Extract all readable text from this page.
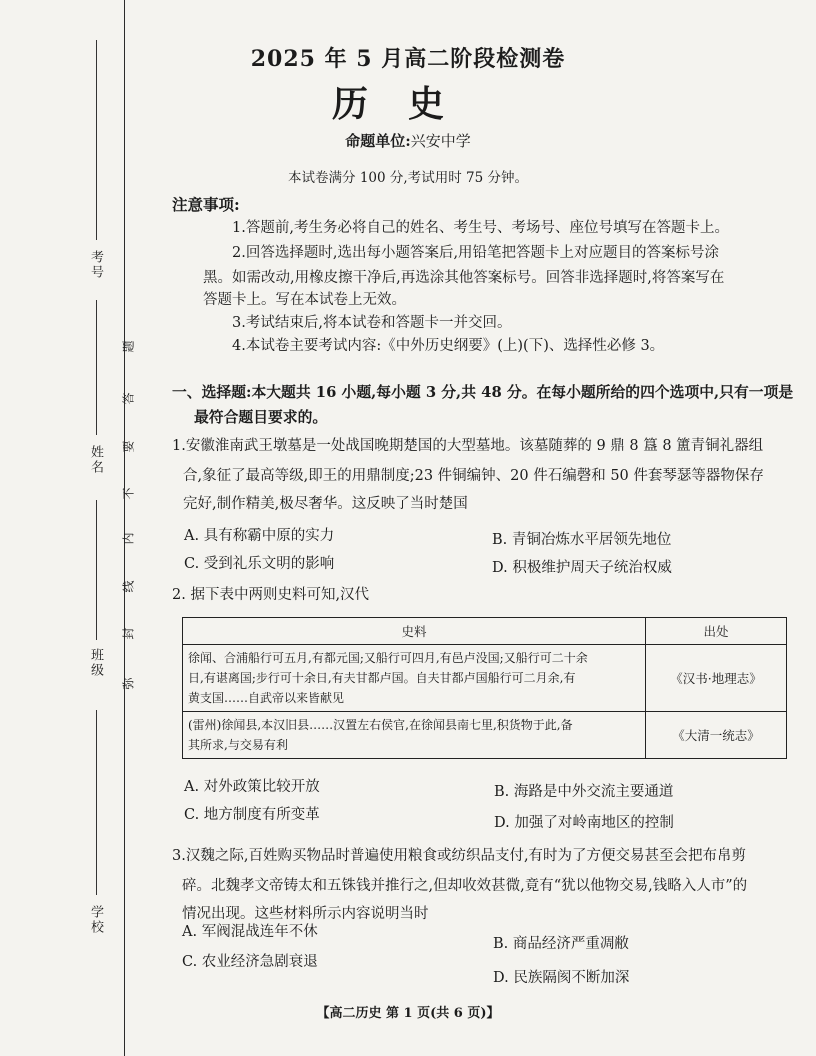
考号
姓名
班级
学校
弥
封
线
内
不
要
答
题
2025 年 5 月高二阶段检测卷
历史
命题单位:兴安中学
本试卷满分 100 分,考试用时 75 分钟。
注意事项:
1.答题前,考生务必将自己的姓名、考生号、考场号、座位号填写在答题卡上。
2.回答选择题时,选出每小题答案后,用铅笔把答题卡上对应题目的答案标号涂
黑。如需改动,用橡皮擦干净后,再选涂其他答案标号。回答非选择题时,将答案写在
答题卡上。写在本试卷上无效。
3.考试结束后,将本试卷和答题卡一并交回。
4.本试卷主要考试内容:《中外历史纲要》(上)(下)、选择性必修 3。
一、选择题:本大题共 16 小题,每小题 3 分,共 48 分。在每小题所给的四个选项中,只有一项是
最符合题目要求的。
1.安徽淮南武王墩墓是一处战国晚期楚国的大型墓地。该墓随葬的 9 鼎 8 簋 8 簠青铜礼器组
合,象征了最高等级,即王的用鼎制度;23 件铜编钟、20 件石编磬和 50 件套琴瑟等器物保存
完好,制作精美,极尽奢华。这反映了当时楚国
A. 具有称霸中原的实力	B. 青铜冶炼水平居领先地位
C. 受到礼乐文明的影响	D. 积极维护周天子统治权威
2. 据下表中两则史料可知,汉代
史料	出处

徐闻、合浦船行可五月,有都元国;又船行可四月,有邑卢没国;又船行可二十余
日,有谌离国;步行可十余日,有夫甘都卢国。自夫甘都卢国船行可二月余,有
黄支国……自武帝以来皆献见	《汉书·地理志》

(雷州)徐闻县,本汉旧县……汉置左右侯官,在徐闻县南七里,积货物于此,备
其所求,与交易有利	《大清一统志》
A. 对外政策比较开放	B. 海路是中外交流主要通道
C. 地方制度有所变革	D. 加强了对岭南地区的控制
3.汉魏之际,百姓购买物品时普遍使用粮食或纺织品支付,有时为了方便交易甚至会把布帛剪
碎。北魏孝文帝铸太和五铢钱并推行之,但却收效甚微,竟有“犹以他物交易,钱略入人市”的
情况出现。这些材料所示内容说明当时
A. 军阀混战连年不休
B. 商品经济严重凋敝
C. 农业经济急剧衰退
D. 民族隔阂不断加深
【高二历史 第 1 页(共 6 页)】
